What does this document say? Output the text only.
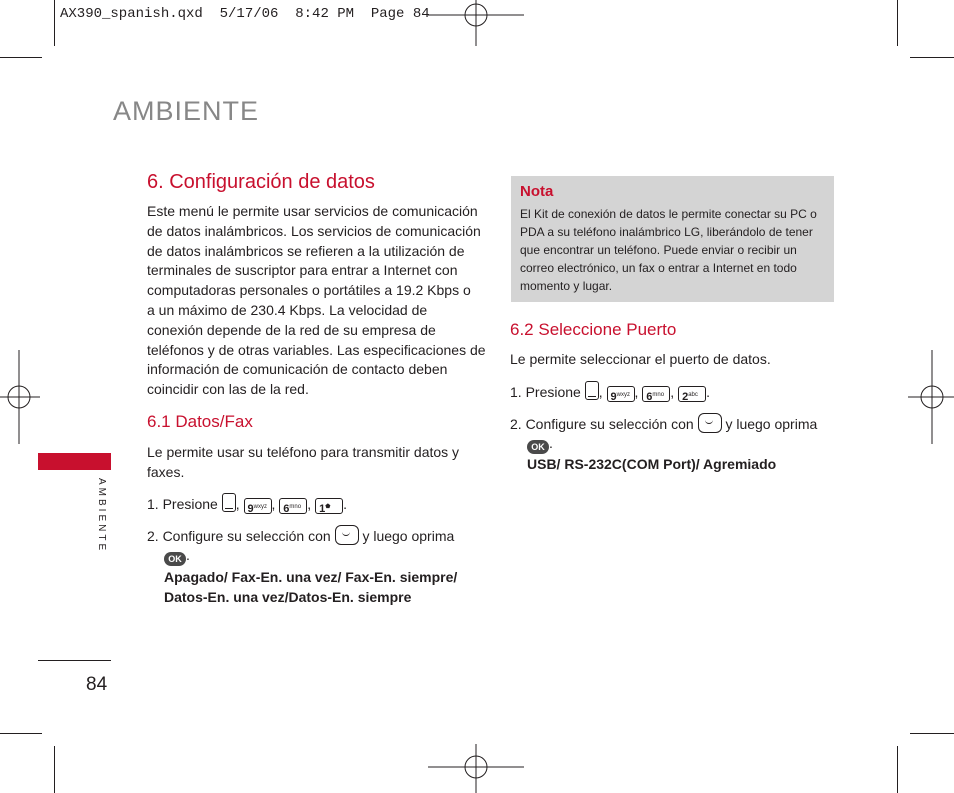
AX390_spanish.qxd  5/17/06  8:42 PM  Page 84
AMBIENTE
AMBIENTE
84
6. Configuración de datos
Este menú le permite usar servicios de comunicación
de datos inalámbricos. Los servicios de comunicación
de datos inalámbricos se refieren a la utilización de
terminales de suscriptor para entrar a Internet con
computadoras personales o portátiles a 19.2 Kbps o
a un máximo de 230.4 Kbps. La velocidad de
conexión depende de la red de su empresa de
teléfonos y de otras variables. Las especificaciones de
información de comunicación de contacto deben
coincidir con las de la red.
6.1 Datos/Fax
Le permite usar su teléfono para transmitir datos y
faxes.
1. Presione , $9^{wxyz}$ , $6^{mno}$ , 1⬟ .
2. Configure su selección con y luego oprima
OK .
Apagado/ Fax-En. una vez/ Fax-En. siempre/
Datos-En. una vez/Datos-En. siempre
Nota
El Kit de conexión de datos le permite conectar su PC o
PDA a su teléfono inalámbrico LG, liberándolo de tener
que encontrar un teléfono. Puede enviar o recibir un
correo electrónico, un fax o entrar a Internet en todo
momento y lugar.
6.2 Seleccione Puerto
Le permite seleccionar el puerto de datos.
1. Presione , $9^{wxyz}$ , $6^{mno}$ , $2^{abc}$ .
2. Configure su selección con y luego oprima
OK .
USB/ RS-232C(COM Port)/ Agremiado
